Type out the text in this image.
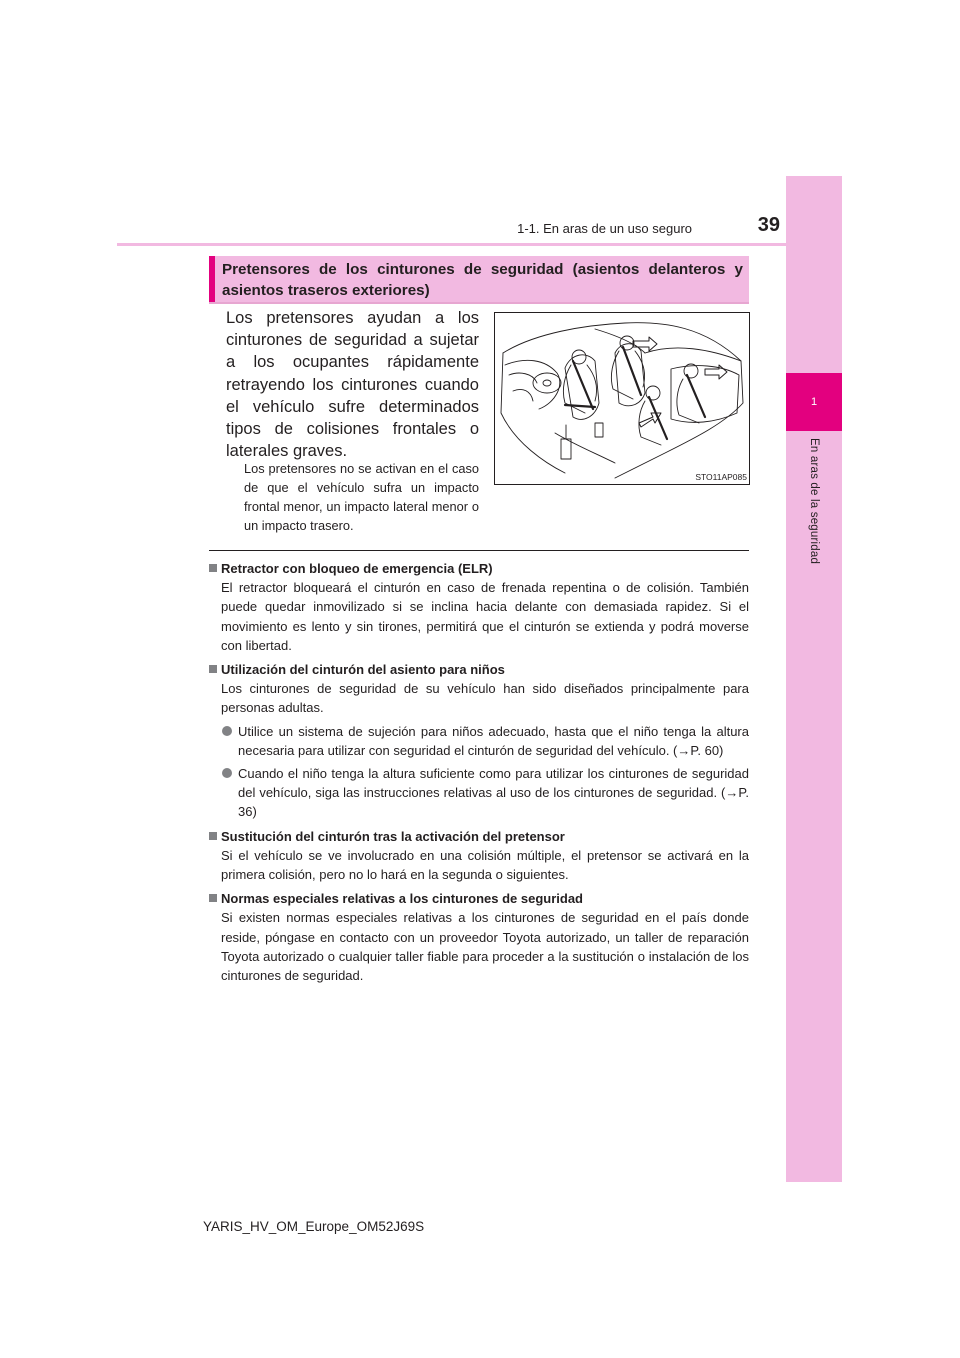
1
En aras de la seguridad
1-1. En aras de un uso seguro	39
Pretensores de los cinturones de seguridad (asientos delanteros y asientos traseros exteriores)

Los pretensores ayudan a los cinturones de seguridad a sujetar a los ocupantes rápidamente retrayendo los cinturones cuando el vehículo sufre determinados tipos de colisiones frontales o laterales graves.

Los pretensores no se activan en el caso de que el vehículo sufra un impacto frontal menor, un impacto lateral menor o un impacto trasero.

STO11AP085
Retractor con bloqueo de emergencia (ELR)
El retractor bloqueará el cinturón en caso de frenada repentina o de colisión. También puede quedar inmovilizado si se inclina hacia delante con demasiada rapidez. Si el movimiento es lento y sin tirones, permitirá que el cinturón se extienda y podrá moverse con libertad.
Utilización del cinturón del asiento para niños
Los cinturones de seguridad de su vehículo han sido diseñados principalmente para personas adultas.
Utilice un sistema de sujeción para niños adecuado, hasta que el niño tenga la altura necesaria para utilizar con seguridad el cinturón de seguridad del vehículo. (→P. 60)
Cuando el niño tenga la altura suficiente como para utilizar los cinturones de seguridad del vehículo, siga las instrucciones relativas al uso de los cinturones de seguridad. (→P. 36)
Sustitución del cinturón tras la activación del pretensor
Si el vehículo se ve involucrado en una colisión múltiple, el pretensor se activará en la primera colisión, pero no lo hará en la segunda o siguientes.
Normas especiales relativas a los cinturones de seguridad
Si existen normas especiales relativas a los cinturones de seguridad en el país donde reside, póngase en contacto con un proveedor Toyota autorizado, un taller de reparación Toyota autorizado o cualquier taller fiable para proceder a la sustitución o instalación de los cinturones de seguridad.
YARIS_HV_OM_Europe_OM52J69S
